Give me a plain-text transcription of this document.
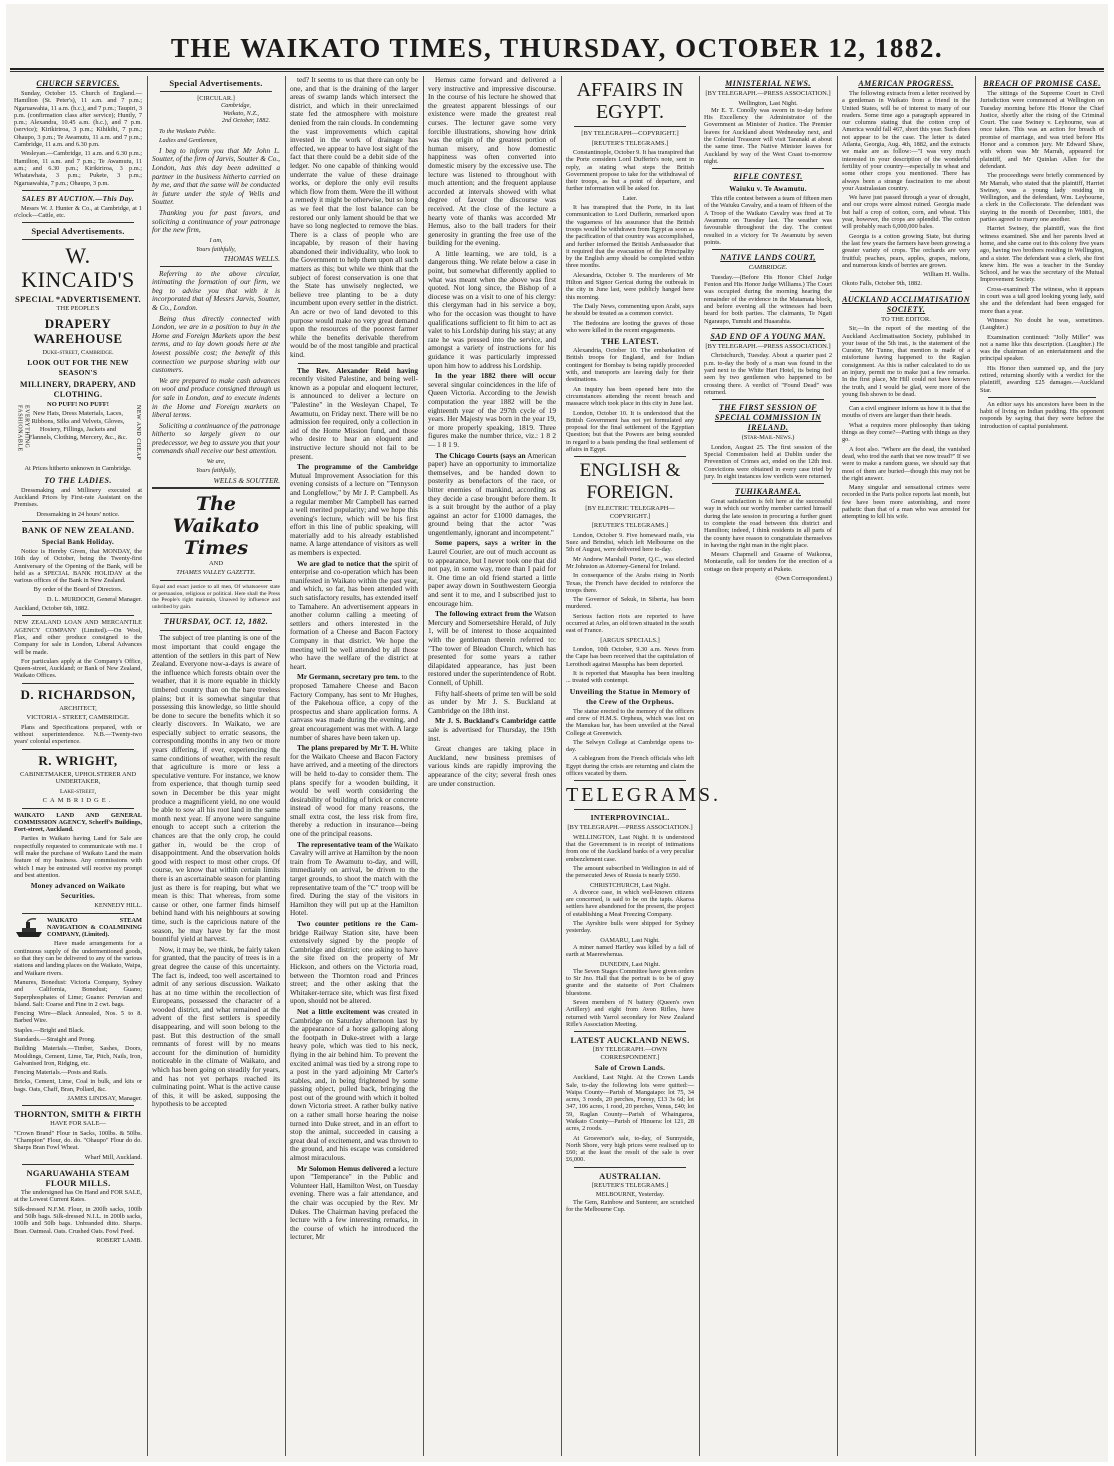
THE WAIKATO TIMES, THURSDAY, OCTOBER 12, 1882.
CHURCH SERVICES.

Sunday, October 15. Church of England.—Hamilton (St. Peter's), 11 a.m. and 7 p.m.; Ngaruawahia, 11 a.m. (h.c.), and 7 p.m.; Taupiri, 3 p.m. (confirmation class after service); Huntly, 7 p.m.; Alexandra, 10.45 a.m. (h.c.), and 7 p.m. (service); Kirikiriroa, 3 p.m.; Kihikihi, 7 p.m.; Ohaupo, 3 p.m.; Te Awamutu, 11 a.m. and 7 p.m.; Cambridge, 11 a.m. and 6.30 p.m.

Wesleyan.—Cambridge, 11 a.m. and 6.30 p.m.; Hamilton, 11 a.m. and 7 p.m.; Te Awamutu, 11 a.m.; and 6.30 p.m.; Kirikiriroa, 3 p.m.; Whatawhata, 3 p.m.; Pukete, 3 p.m.; Ngaruawahia, 7 p.m.; Ohaupo, 3 p.m.

SALES BY AUCTION.—This Day.

Messrs W. J. Hunter & Co., at Cambridge, at 1 o'clock—Cattle, etc.

Special Advertisements.
W. KINCAID'S
SPECIAL *ADVERTISEMENT.
THE PEOPLE'S
DRAPERY WAREHOUSE
Duke-street, Cambridge.
LOOK OUT FOR THE NEW SEASON'S
MILLINERY, DRAPERY, AND CLOTHING.
EVERYTHING FASHIONABLE	NEW AND CHEAP
NO PUFF! NO PUFF!
New Hats, Dress Materials, Laces, Ribbons, Silks and Velvets, Gloves, Hosiery, Fillings, Jackets and Flannels, Clothing, Mercery, &c., &c.
At Prices hitherto unknown in Cambridge.
TO THE LADIES.

Dressmaking and Millinery executed at Auckland Prices by First-rate Assistant on the Premises.

Dressmaking in 24 hours' notice.

BANK OF NEW ZEALAND.
Special Bank Holiday.

Notice is Hereby Given, that MONDAY, the 16th day of October, being the Twenty-first Anniversary of the Opening of the Bank, will be held as a SPECIAL BANK HOLIDAY at the various offices of the Bank in New Zealand.

By order of the Board of Directors.

D. L. MURDOCH, General Manager.

Auckland, October 6th, 1882.

NEW ZEALAND LOAN AND MERCANTILE AGENCY COMPANY (Limited).—On Wool, Flax, and other produce consigned to the Company for sale in London, Liberal Advances will be made.

For particulars apply at the Company's Office, Queen-street, Auckland; or Bank of New Zealand, Waikato Offices.

D. RICHARDSON,
ARCHITECT,
VICTORIA - STREET, CAMBRIDGE.

Plans and Specifications prepared, with or without superintendence. N.B.—Twenty-two years' colonial experience.

R. WRIGHT,
CABINETMAKER, UPHOLSTERER AND UNDERTAKER,
Lake-street,
CAMBRIDGE.

WAIKATO LAND AND GENERAL COMMISSION AGENCY, Scherff's Buildings, Fort-street, Auckland.

Parties in Waikato having Land for Sale are respectfully requested to communicate with me. I will make the purchase of Waikato Land the main feature of my business. Any commissions with which I may be entrusted will receive my prompt and best attention.

Money advanced on Waikato Securities.

KENNEDY HILL.

WAIKATO STEAM NAVIGATION & COALMINING COMPANY, (Limited).

Have made arrangements for a continuous supply of the undermentioned goods, so that they can be delivered to any of the various stations and landing places on the Waikato, Waipa, and Waikare rivers.

Manures, Bonedust: Victoria Company, Sydney and California, Bonedust; Guano; Superphosphates of Lime; Guano: Peruvian and Island. Salt: Coarse and Fine in 2 cwt. bags.

Fencing Wire—Black Annealed, Nos. 5 to 8. Barbed Wire.

Staples.—Bright and Black.

Standards.—Straight and Prong.

Building Materials.—Timber, Sashes, Doors, Mouldings, Cement, Lime, Tar, Pitch, Nails, Iron, Galvanised Iron, Ridging, etc.

Fencing Materials.—Posts and Rails.

Bricks, Cement, Lime, Coal in bulk, and kits or bags. Oats, Chaff, Bran, Pollard, &c.

JAMES LINDSAY, Manager.

THORNTON, SMITH & FIRTH
HAVE FOR SALE—

"Crown Brand" Flour in Sacks, 100lbs. & 50lbs. "Champion" Flour, do. do. "Ohaupo" Flour do do. Sharps Bran Fowl Wheat.

Wharf Mill, Auckland.

NGARUAWAHIA STEAM FLOUR MILLS.

The undersigned has On Hand and FOR SALE, at the Lowest Current Rates.

Silk-dressed N.F.M. Flour, in 200lb sacks, 100lb and 50lb bags. Silk-dressed N.I.L. in 200lb sacks, 100lb and 50lb bags. Unbranded ditto. Sharps. Bran. Oatmeal. Oats. Crushed Oats. Fowl Feed.

ROBERT LAMB.

Special Advertisements.
[CIRCULAR.]
Cambridge,
Waikato, N.Z.,
2nd October, 1882.

To the Waikato Public.

Ladies and Gentlemen,

I beg to inform you that Mr John L. Soutter, of the firm of Jarvis, Soutter & Co., London, has this day been admitted a partner in the business hitherto carried on by me, and that the same will be conducted in future under the style of Wells and Soutter.

Thanking you for past favors, and soliciting a continuance of your patronage for the new firm,

I am,

Yours faithfully,

THOMAS WELLS.

Referring to the above circular, intimating the formation of our firm, we beg to advise you that with it is incorporated that of Messrs Jarvis, Soutter, & Co., London.

Being thus directly connected with London, we are in a position to buy in the Home and Foreign Markets upon the best terms, and to lay down goods here at the lowest possible cost; the benefit of this connection we purpose sharing with our customers.

We are prepared to make cash advances on wool and produce consigned through us for sale in London, and to execute indents in the Home and Foreign markets on liberal terms.

Soliciting a continuance of the patronage hitherto so largely given to our predecessor, we beg to assure you that your commands shall receive our best attention.

We are,

Yours faithfully,

WELLS & SOUTTER.

The Waikato Times
AND
THAMES VALLEY GAZETTE.

Equal and exact justice to all men, Of whatsoever state or persuasion, religious or political. Here shall the Press the People's right maintain, Unawed by influence and unbribed by gain.

THURSDAY, OCT. 12, 1882.

The subject of tree planting is one of the most important that could engage the attention of the settlers in this part of New Zealand. Everyone now-a-days is aware of the influence which forests obtain over the weather, that it is more equable in thickly timbered country than on the bare treeless plains; but it is somewhat singular that possessing this knowledge, so little should be done to secure the benefits which it so clearly discovers. In Waikato, we are especially subject to erratic seasons, the corresponding months in any two or more years differing, if ever, experiencing the same conditions of weather, with the result that agriculture is more or less a speculative venture. For instance, we know from experience, that though turnip seed sown in December be this year might produce a magnificent yield, no one would be able to sow all his root land in the same month next year. If anyone were sanguine enough to accept such a criterion the chances are that the only crop, he could gather in, would be the crop of disappointment. And the observation holds good with respect to most other crops. Of course, we know that within certain limits there is an ascertainable season for planting just as there is for reaping, but what we mean is this: That whereas, from some cause or other, one farmer finds himself behind hand with his neighbours at sowing time, such is the capricious nature of the season, he may have by far the most bountiful yield at harvest.

Now, it may be, we think, be fairly taken for granted, that the paucity of trees is in a great degree the cause of this uncertainty. The fact is, indeed, too well ascertained to admit of any serious discussion. Waikato has at no time within the recollection of Europeans, possessed the character of a wooded district, and what remained at the advent of the first settlers is speedily disappearing, and will soon belong to the past. But this destruction of the small remnants of forest will by no means account for the diminution of humidity noticeable in the climate of Waikato, and which has been going on steadily for years, and has not yet perhaps reached its culminating point. What is the active cause of this, it will be asked, supposing the hypothesis to be accepted

ted? It seems to us that there can only be one, and that is the draining of the larger areas of swamp lands which intersect the district, and which in their unreclaimed state fed the atmosphere with moisture denied from the rain clouds. In condemning the vast improvements which capital invested in the work of drainage has effected, we appear to have lost sight of the fact that there could be a debit side of the ledger. No one capable of thinking would underrate the value of these drainage works, or deplore the only evil results which flow from them. Were the ill without a remedy it might be otherwise, but so long as we feel that the lost balance can be restored our only lament should be that we have so long neglected to remove the bias. There is a class of people who are incapable, by reason of their having abandoned their individuality, who look to the Government to help them upon all such matters as this; but while we think that the subject of forest conservation is one that the State has unwisely neglected, we believe tree planting to be a duty incumbent upon every settler in the district. An acre or two of land devoted to this purpose would make no very great demand upon the resources of the poorest farmer while the benefits derivable therefrom would be of the most tangible and practical kind.

The Rev. Alexander Reid having recently visited Palestine, and being well-known as a popular and eloquent lecturer, is announced to deliver a lecture on "Palestine" in the Wesleyan Chapel, Te Awamutu, on Friday next. There will be no admission fee required, only a collection in aid of the Home Mission fund, and those who desire to hear an eloquent and instructive lecture should not fail to be present.

The programme of the Cambridge Mutual Improvement Association for this evening consists of a lecture on "Tennyson and Longfellow," by Mr J. P. Campbell. As a regular member Mr Campbell has earned a well merited popularity; and we hope this evening's lecture, which will be his first effort in this line of public speaking, will materially add to his already established name. A large attendance of visitors as well as members is expected.

We are glad to notice that the spirit of enterprise and co-operation which has been manifested in Waikato within the past year, and which, so far, has been attended with such satisfactory results, has extended itself to Tamahere. An advertisement appears in another column calling a meeting of settlers and others interested in the formation of a Cheese and Bacon Factory Company in that district. We hope the meeting will be well attended by all those who have the welfare of the district at heart.

Mr Germann, secretary pro tem. to the proposed Tamahere Cheese and Bacon Factory Company, has sent to Mr Hughes, of the Pakehoua office, a copy of the prospectus and share application forms. A canvass was made during the evening, and great encouragement was met with. A large number of shares have been taken up.

The plans prepared by Mr T. H. White for the Waikato Cheese and Bacon Factory have arrived, and a meeting of the directors will be held to-day to consider them. The plans specify for a wooden building, it would be well worth considering the desirability of building of brick or concrete instead of wood for many reasons, the small extra cost, the less risk from fire, thereby a reduction in insurance—being one of the principal reasons.

The representative team of the Waikato Cavalry will arrive at Hamilton by the noon train from Te Awamutu to-day, and will, immediately on arrival, be driven to the target grounds, to shoot the match with the representative team of the "C" troop will be fired. During the stay of the visitors in Hamilton they will put up at the Hamilton Hotel.

Two counter petitions re the Cam- bridge Railway Station site, have been extensively signed by the people of Cambridge and district; one asking to have the site fixed on the property of Mr Hickson, and others on the Victoria road, between the Thornton road and Princes street; and the other asking that the Whitaker-terrace site, which was first fixed upon, should not be altered.

Not a little excitement was created in Cambridge on Saturday afternoon last by the appearance of a horse galloping along the footpath in Duke-street with a large heavy pole, which was tied to his neck, flying in the air behind him. To prevent the excited animal was tied by a strong rope to a post in the yard adjoining Mr Carter's stables, and, in being frightened by some passing object, pulled back, bringing the post out of the ground with which it bolted down Victoria street. A rather bulky native on a rather small horse hearing the noise turned into Duke street, and in an effort to stop the animal, succeeded in causing a great deal of excitement, and was thrown to the ground, and his escape was considered almost miraculous.

Mr Solomon Hemus delivered a lecture upon "Temperance" in the Public and Volunteer Hall, Hamilton West, on Tuesday evening. There was a fair attendance, and the chair was occupied by the Rev. Mr Dukes. The Chairman having prefaced the lecture with a few interesting remarks, in the course of which he introduced the lecturer, Mr

Hemus came forward and delivered a very instructive and impressive discourse. In the course of his lecture he showed that the greatest apparent blessings of our existence were made the greatest real curses. The lecturer gave some very forcible illustrations, showing how drink was the origin of the greatest portion of human misery, and how domestic happiness was often converted into domestic misery by the excessive use. The lecture was listened to throughout with much attention; and the frequent applause accorded at intervals showed with what degree of favour the discourse was received. At the close of the lecture a hearty vote of thanks was accorded Mr Hemus, also to the ball traders for their generosity in granting the free use of the building for the evening.

A little learning, we are told, is a dangerous thing. We relate below a case in point, but somewhat differently applied to what was meant when the above was first quoted. Not long since, the Bishop of a diocese was on a visit to one of his clergy: this clergyman had in his service a boy, who for the occasion was thought to have qualifications sufficient to fit him to act as valet to his Lordship during his stay; at any rate he was pressed into the service, and amongst a variety of instructions for his guidance it was particularly impressed upon him how to address his Lordship.

In the year 1882 there will occur several singular coincidences in the life of Queen Victoria. According to the Jewish computation the year 1882 will be the eighteenth year of the 297th cycle of 19 years. Her Majesty was born in the year 19, or more properly speaking, 1819. Three figures make the number thrice, viz.: 1 8 2 — 1 8 1 9.

The Chicago Courts (says an American paper) have an opportunity to immortalize themselves, and be handed down to posterity as benefactors of the race, or bitter enemies of mankind, according as they decide a case brought before them. It is a suit brought by the author of a play against an actor for £1000 damages, the ground being that the actor "was ungentlemanly, ignorant and incompetent."

Some papers, says a writer in the Laurel Courier, are out of much account as to appearance, but I never took one that did not pay, in some way, more than I paid for it. One time an old friend started a little paper away down in Southwestern Georgia and sent it to me, and I subscribed just to encourage him.

The following extract from the Watson Mercury and Somersetshire Herald, of July 1, will be of interest to those acquainted with the gentleman therein referred to: "The tower of Bleadon Church, which has presented for some years a rather dilapidated appearance, has just been restored under the superintendence of Robt. Connell, of Uphill.

Fifty half-sheets of prime ten will be sold as under by Mr J. S. Buckland at Cambridge on the 18th inst.

Mr J. S. Buckland's Cambridge cattle sale is advertised for Thursday, the 19th inst.

Great changes are taking place in Auckland, new business premises of various kinds are rapidly improving the appearance of the city; several fresh ones are under construction.

AFFAIRS IN EGYPT.
[BY TELEGRAPH—COPYRIGHT.]
[REUTER'S TELEGRAMS.]

Constantinople, October 9. It has transpired that the Porte considers Lord Dufferin's note, sent in reply, as stating what steps the British Government propose to take for the withdrawal of their troops, as but a point of departure, and further information will be asked for.

Later.

It has transpired that the Porte, in its last communication to Lord Dufferin, remarked upon the vagueness of his assurance that the British troops would be withdrawn from Egypt as soon as the pacification of that country was accomplished, and further informed the British Ambassador that it required that the evacuation of the Principality by the English army should be completed within three months.

Alexandria, October 9. The murderers of Mr Hilton and Signor Gericai during the outbreak in the city in June last, were publicly hanged here this morning.

The Daily News, commenting upon Arabi, says he should be treated as a common convict.

The Bedouins are looting the graves of those who were killed in the recent engagements.

THE LATEST.

Alexandria, October 10. The embarkation of British troops for England, and for Indian contingent for Bombay is being rapidly proceeded with, and transports are leaving daily for their destinations.

An inquiry has been opened here into the circumstances attending the recent breach and massacre which took place in this city in June last.

London, October 10. It is understood that the British Government has not yet formulated any proposal for the final settlement of the Egyptian Question; but that the Powers are being sounded in regard to a basis pending the final settlement of affairs in Egypt.

ENGLISH & FOREIGN.
[BY ELECTRIC TELEGRAPH—COPYRIGHT.]
[REUTER'S TELEGRAMS.]

London, October 9. Five homeward mails, via Suez and Brindisi, which left Melbourne on the 5th of August, were delivered here to-day.

Mr Andrew Marshall Porter, Q.C., was elected Mr Johnston as Attorney-General for Ireland.

In consequence of the Arabs rising in North Texas, the French have decided to reinforce the troops there.

The Governor of Sekuk, in Siberia, has been murdered.

Serious faction riots are reported to have occurred at Arles, an old town situated in the south east of France.

[ARGUS SPECIALS.]

London, 10th October, 9.30 a.m. News from the Cape has been received that the capitulation of Lerothodi against Masupha has been deported.

It is reported that Masupha has been insulting ... treated with contempt.

Unveiling the Statue in Memory of the Crew of the Orpheus.

The statue erected to the memory of the officers and crew of H.M.S. Orpheus, which was lost on the Manukau bar, has been unveiled at the Naval College at Greenwich.

The Selwyn College at Cambridge opens to-day.

A cablegram from the French officials who left Egypt during the crisis are returning and claim the offices vacated by them.

TELEGRAMS.
INTERPROVINCIAL.
[BY TELEGRAPH.—PRESS ASSOCIATION.]

WELLINGTON, Last Night. It is understood that the Government is in receipt of intimations from one of the Auckland banks of a very peculiar embezzlement case.

The amount subscribed in Wellington in aid of the persecuted Jews of Russia is nearly £650.

CHRISTCHURCH, Last Night.

A divorce case, in which well-known citizens are concerned, is said to be on the tapis. Akaroa settlers have abandoned for the present, the project of establishing a Meat Freezing Company.

The Ayrshire bulls were shipped for Sydney yesterday.

OAMARU, Last Night.

A miner named Hartley was killed by a fall of earth at Maerewhenua.

DUNEDIN, Last Night.

The Seven Stages Committee have given orders to Sir Jno. Hall that the portrait is to be of gray granite and the statuette of Port Chalmers bluestone.

Seven members of N battery (Queen's own Artillery) and eight from Avon Rifles, have returned with Yarrol secondary for New Zealand Rifle's Association Meeting.

LATEST AUCKLAND NEWS.
[BY TELEGRAPH.—OWN CORRESPONDENT.]
Sale of Crown Lands.

Auckland, Last Night. At the Crown Lands Sale, to-day the following lots were quitted:—Waipa County—Parish of Mangaiapo: lot 75, 34 acres, 3 roods, 20 perches, Foresy, £13 3s 6d; lot 347, 106 acres, 1 rood, 20 perches, Venus, £40; lot 59, Raglan County—Parish of Whaingaroa, Waikato County—Parish of Hinuera: lot 121, 28 acres, 2 roods.

At Grosvenor's sale, to-day, of Sunnyside, North Shore, very high prices were realised up to £60; at the least the result of the sale is over £6,000.

AUSTRALIAN.
[REUTER'S TELEGRAMS.]
MELBOURNE, Yesterday.

The Gem, Rainbow and Sunterer, are scratched for the Melbourne Cup.

MINISTERIAL NEWS.
[BY TELEGRAPH.—PRESS ASSOCIATION.]
Wellington, Last Night.

Mr E. T. Conolly was sworn in to-day before His Excellency the Administrator of the Government as Minister of Justice. The Premier leaves for Auckland about Wednesday next, and the Colonial Treasurer will visit Taranaki at about the same time. The Native Minister leaves for Auckland by way of the West Coast to-morrow night.

RIFLE CONTEST.
Waiuku v. Te Awamutu.

This rifle contest between a team of fifteen men of the Waiuku Cavalry, and a team of fifteen of the A Troop of the Waikato Cavalry was fired at Te Awamutu on Tuesday last. The weather was favourable throughout the day. The contest resulted in a victory for Te Awamutu by seven points.

NATIVE LANDS COURT,
CAMBRIDGE.

Tuesday.—(Before His Honor Chief Judge Fenton and His Honor Judge Williams.) The Court was occupied during the morning hearing the remainder of the evidence in the Matamata block, and before evening all the witnesses had been heard for both parties. The claimants, Te Ngati Ngaraupo, Tumuhi and Huaarahia.

SAD END OF A YOUNG MAN.
[BY TELEGRAPH.—PRESS ASSOCIATION.]

Christchurch, Tuesday. About a quarter past 2 p.m. to-day the body of a man was found in the yard next to the White Hart Hotel, its being tied seen by two gentlemen who happened to be crossing there. A verdict of "Found Dead" was returned.

THE FIRST SESSION OF SPECIAL COMMISSION IN IRELAND.
(Star-Mail-News.)

London, August 25. The first session of the Special Commission held at Dublin under the Prevention of Crimes act, ended on the 12th inst. Convictions were obtained in every case tried by jury. In eight instances low verdicts were returned.

TUHIKARAMEA.

Great satisfaction is felt here at the successful way in which our worthy member carried himself during the late session in procuring a further grant to complete the road between this district and Hamilton; indeed, I think residents in all parts of the county have reason to congratulate themselves in having the right man in the right place.

Messrs Chapmell and Graame of Waikorea, Montacutle, call for tenders for the erection of a cottage on their property at Pukete.

(Own Correspondent.)

AMERICAN PROGRESS.

The following extracts from a letter received by a gentleman in Waikato from a friend in the United States, will be of interest to many of our readers. Some time ago a paragraph appeared in our columns stating that the cotton crop of America would fall 467, short this year. Such does not appear to be the case. The letter is dated Atlanta, Georgia, Aug. 4th, 1882, and the extracts we make are as follow:—"I was very much interested in your description of the wonderful fertility of your country—especially in wheat and some other crops you mentioned. There has always been a strange fascination to me about your Australasian country.

We have just passed through a year of drought, and our crops were almost ruined. Georgia made but half a crop of cotton, corn, and wheat. This year, however, the crops are splendid. The cotton will probably reach 6,000,000 bales.

Georgia is a cotton growing State, but during the last few years the farmers have been growing a greater variety of crops. The orchards are very fruitful; peaches, pears, apples, grapes, melons, and numerous kinds of berries are grown.

William H. Wallis.

Okoto Falls, October 9th, 1882.

AUCKLAND ACCLIMATISATION SOCIETY.
TO THE EDITOR.

Sir,—In the report of the meeting of the Auckland Acclimatisation Society, published in your issue of the 5th inst., is the statement of the Curator, Mr Tunne, that mention is made of a misfortune having happened to the Raglan consignment. As this is rather calculated to do us an injury, permit me to make just a few remarks. In the first place, Mr Hill could not have known the truth, and I would be glad, were more of the young fish shown to be dead.

Can a civil engineer inform us how it is that the mouths of rivers are larger than their heads.

What a requires more philosophy than taking things as they come?—Parting with things as they go.

A foot also. "Where are the dead, the vanished dead, who trod the earth that we now tread?" If we were to make a random guess, we should say that most of them are buried—though this may not be the right answer.

Many singular and sensational crimes were recorded in the Paris police reports last month, but few have been more astonishing, and more pathetic than that of a man who was arrested for attempting to kill his wife.

BREACH OF PROMISE CASE.

The sittings of the Supreme Court in Civil Jurisdiction were commenced at Wellington on Tuesday morning before His Honor the Chief Justice, shortly after the rising of the Criminal Court. The case Swiney v. Leyhourne, was at once taken. This was an action for breach of promise of marriage, and was tried before His Honor and a common jury. Mr Edward Shaw, with whom was Mr Marrah, appeared for plaintiff, and Mr Quinlan Allen for the defendant.

The proceedings were briefly commenced by Mr Marrah, who stated that the plaintiff, Harriet Swiney, was a young lady residing in Wellington, and the defendant, Wm. Leyhourne, a clerk in the Collectorate. The defendant was staying in the month of December, 1881, the parties agreed to marry one another.

Harriet Swiney, the plaintiff, was the first witness examined. She and her parents lived at home, and she came out to this colony five years ago, having two brothers residing in Wellington, and a sister. The defendant was a clerk, she first knew him. He was a teacher in the Sunday School, and he was the secretary of the Mutual Improvement Society.

Cross-examined: The witness, who it appears in court was a tall good looking young lady, said she and the defendant had been engaged for more than a year.

Witness: No doubt he was, sometimes. (Laughter.)

Examination continued: "Jolly Miller" was not a name like this description. (Laughter.) He was the chairman of an entertainment and the principal speaker.

His Honor then summed up, and the jury retired, returning shortly with a verdict for the plaintiff, awarding £25 damages.—Auckland Star.

An editor says his ancestors have been in the habit of living on Indian pudding. His opponent responds by saying that they were before the introduction of capital punishment.
